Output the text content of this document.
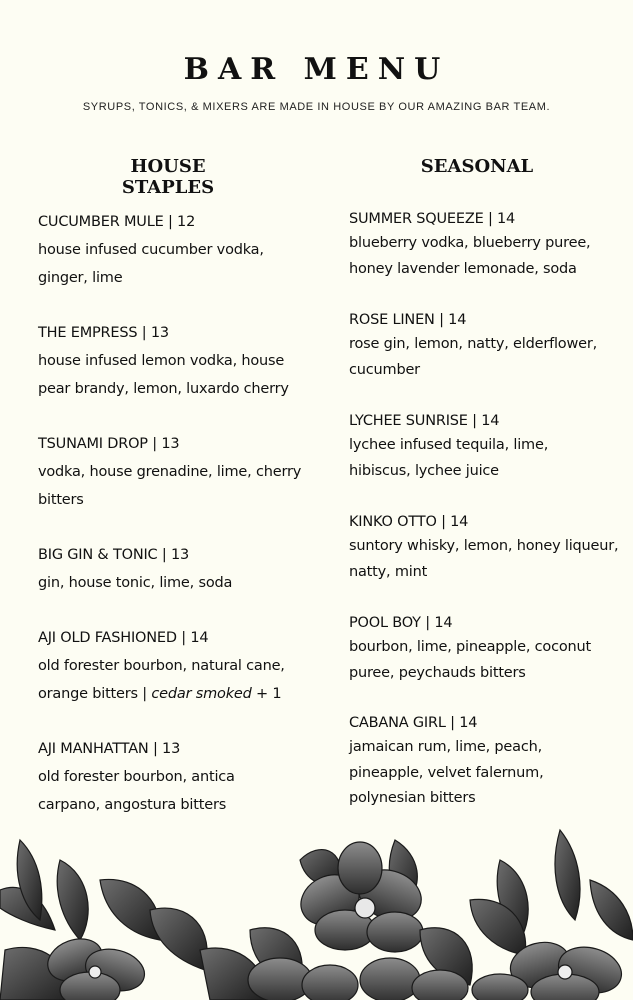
BAR MENU
SYRUPS, TONICS, & MIXERS ARE MADE IN HOUSE BY OUR AMAZING BAR TEAM.
HOUSE STAPLES
SEASONAL
CUCUMBER MULE | 12
house infused cucumber vodka,
ginger, lime
THE EMPRESS | 13
house infused lemon vodka, house
pear brandy, lemon, luxardo cherry
TSUNAMI DROP | 13
vodka, house grenadine, lime, cherry
bitters
BIG GIN & TONIC | 13
gin, house tonic, lime, soda
AJI OLD FASHIONED | 14
old forester bourbon, natural cane,
orange bitters | cedar smoked + 1
AJI MANHATTAN | 13
old forester bourbon, antica
carpano, angostura bitters
SUMMER SQUEEZE | 14
blueberry vodka, blueberry puree,
honey lavender lemonade, soda
ROSE LINEN | 14
rose gin, lemon, natty, elderflower,
cucumber
LYCHEE SUNRISE | 14
lychee infused tequila, lime,
hibiscus, lychee juice
KINKO OTTO | 14
suntory whisky, lemon, honey liqueur,
natty, mint
POOL BOY | 14
bourbon, lime, pineapple, coconut
puree, peychauds bitters
CABANA GIRL | 14
jamaican rum, lime, peach,
pineapple, velvet falernum,
polynesian bitters
